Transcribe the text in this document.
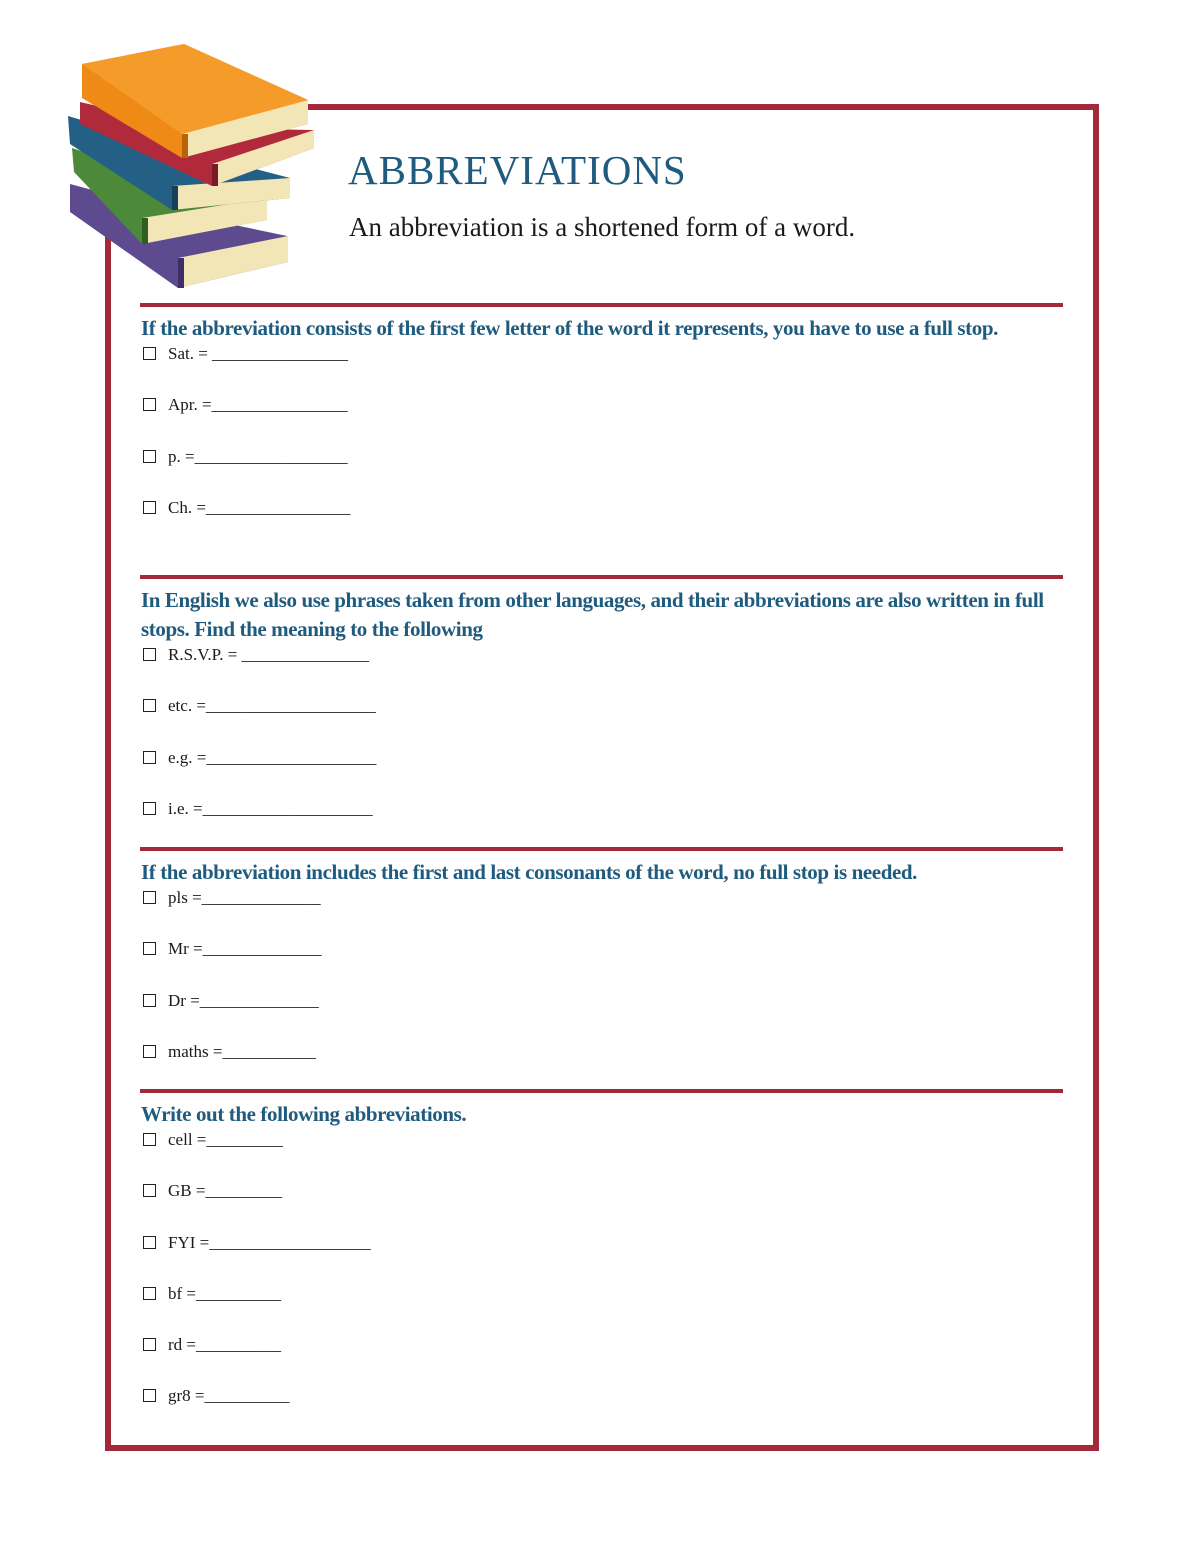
ABBREVIATIONS
An abbreviation is a shortened form of a word.
If the abbreviation consists of the first few letter of the word it represents, you have to use a full stop.
Sat. = ________________
Apr. =________________
p. =__________________
Ch. =_________________
In English we also use phrases taken from other languages, and their abbreviations are also written in full stops. Find the meaning to the following
R.S.V.P. = _______________
etc. =____________________
e.g. =____________________
i.e. =____________________
If the abbreviation includes the first and last consonants of the word, no full stop is needed.
pls =______________
Mr =______________
Dr =______________
maths =___________
Write out the following abbreviations.
cell =_________
GB =_________
FYI =___________________
bf =__________
rd =__________
gr8 =__________
